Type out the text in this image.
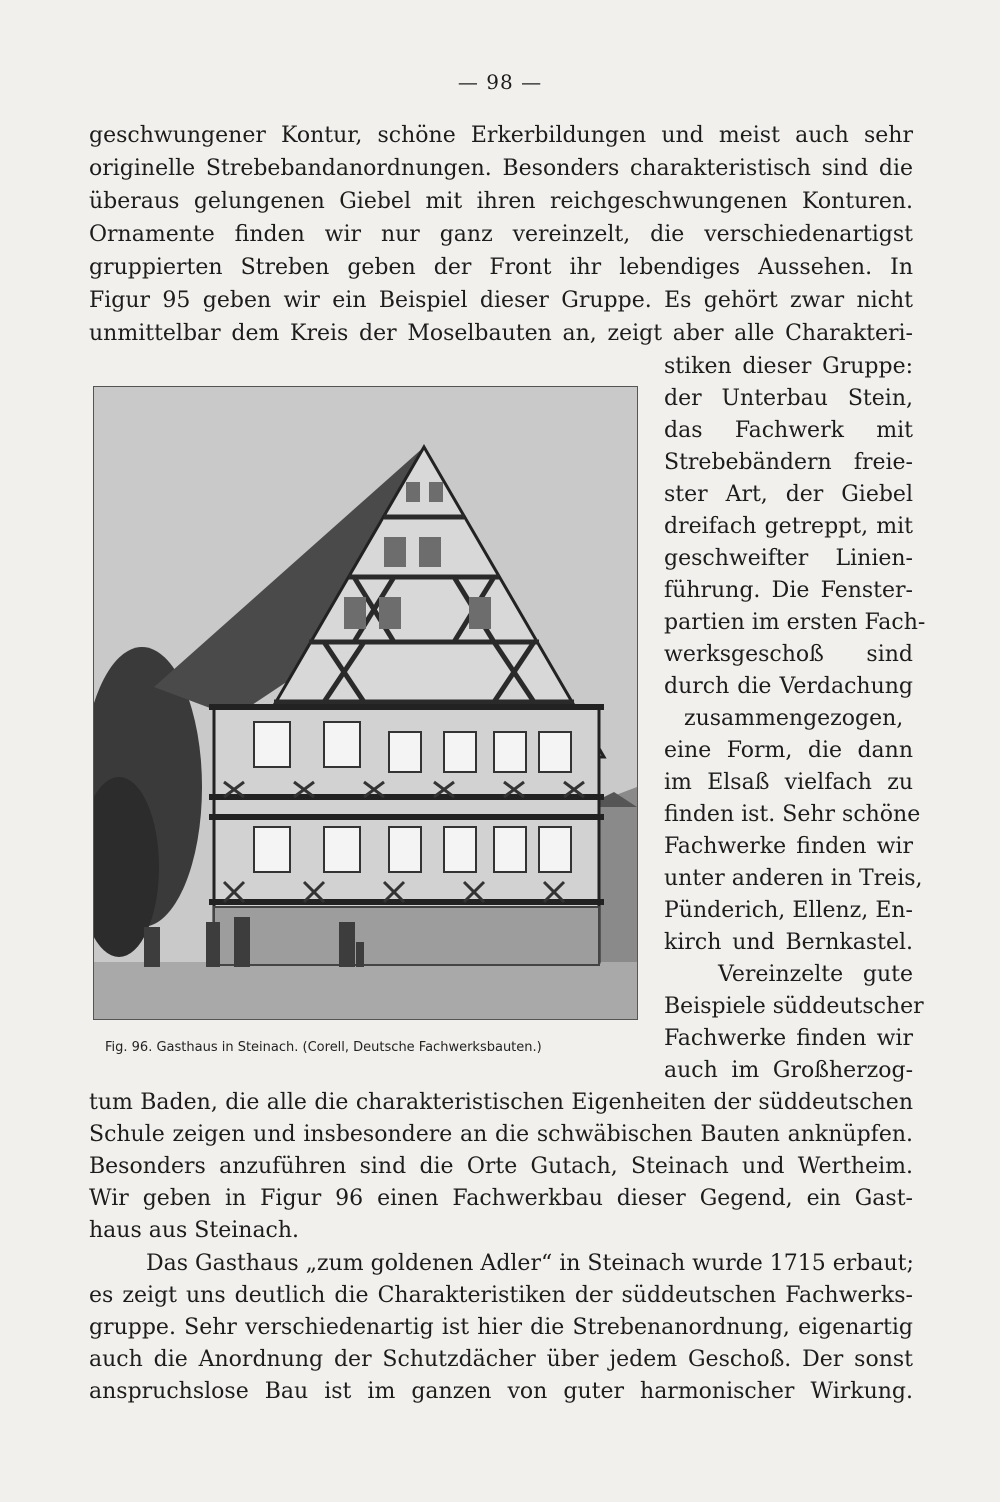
— 98 —
geschwungener Kontur, schöne Erkerbildungen und meist auch sehr
originelle Strebebandanordnungen. Besonders charakteristisch sind die
überaus gelungenen Giebel mit ihren reichgeschwungenen Konturen.
Ornamente finden wir nur ganz vereinzelt, die verschiedenartigst
gruppierten Streben geben der Front ihr lebendiges Aussehen. In
Figur 95 geben wir ein Beispiel dieser Gruppe. Es gehört zwar nicht
unmittelbar dem Kreis der Moselbauten an, zeigt aber alle Charakteri-
Fig. 96. Gasthaus in Steinach. (Corell, Deutsche Fachwerksbauten.)
stiken dieser Gruppe:
der Unterbau Stein,
das Fachwerk mit
Strebebändern freie-
ster Art, der Giebel
dreifach getreppt, mit
geschweifter Linien-
führung. Die Fenster-
partien im ersten Fach-
werksgeschoß sind
durch die Verdachung
zusammengezogen,
eine Form, die dann
im Elsaß vielfach zu
finden ist. Sehr schöne
Fachwerke finden wir
unter anderen in Treis,
Pünderich, Ellenz, En-
kirch und Bernkastel.
Vereinzelte gute
Beispiele süddeutscher
Fachwerke finden wir
auch im Großherzog-
tum Baden, die alle die charakteristischen Eigenheiten der süddeutschen
Schule zeigen und insbesondere an die schwäbischen Bauten anknüpfen.
Besonders anzuführen sind die Orte Gutach, Steinach und Wertheim.
Wir geben in Figur 96 einen Fachwerkbau dieser Gegend, ein Gast-
haus aus Steinach.
Das Gasthaus „zum goldenen Adler“ in Steinach wurde 1715 erbaut;
es zeigt uns deutlich die Charakteristiken der süddeutschen Fachwerks-
gruppe. Sehr verschiedenartig ist hier die Strebenanordnung, eigenartig
auch die Anordnung der Schutzdächer über jedem Geschoß. Der sonst
anspruchslose Bau ist im ganzen von guter harmonischer Wirkung.
